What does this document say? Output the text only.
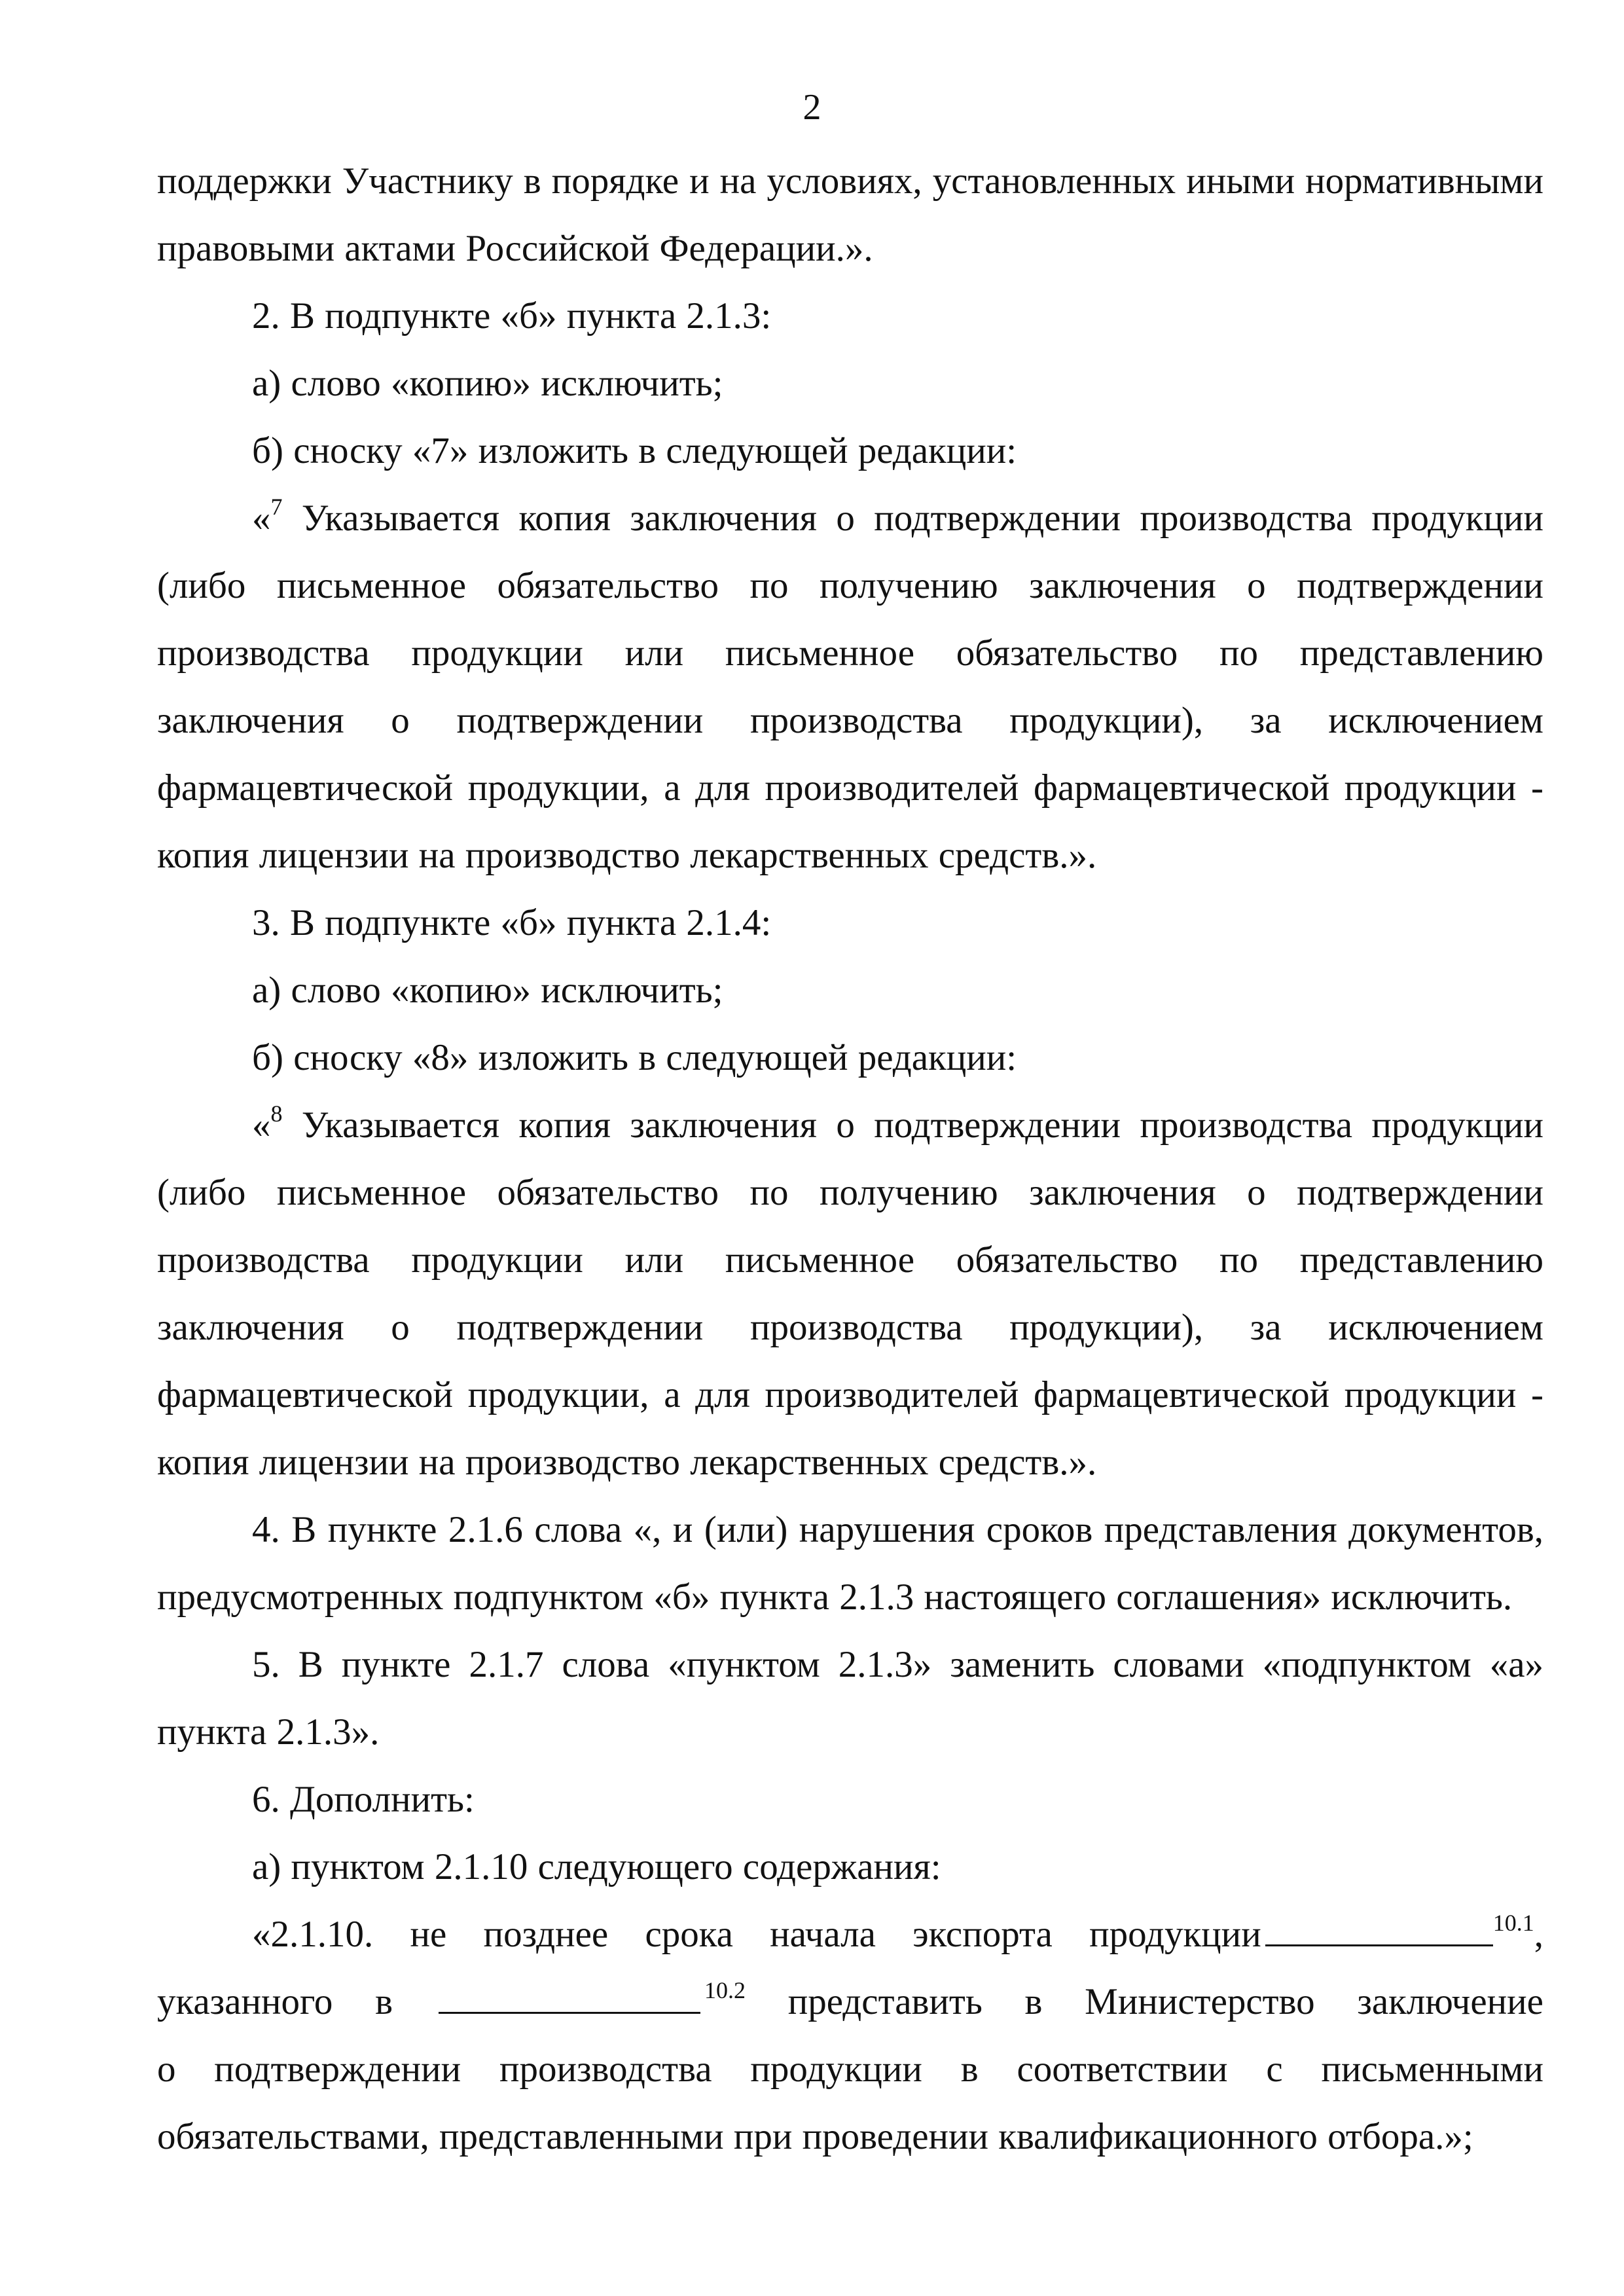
2

поддержки Участнику в порядке и на условиях, установленных иными нормативными правовыми актами Российской Федерации.».

2. В подпункте «б» пункта 2.1.3:

а) слово «копию» исключить;

б) сноску «7» изложить в следующей редакции:

«$^7$ Указывается копия заключения о подтверждении производства продукции (либо письменное обязательство по получению заключения о подтверждении производства продукции или письменное обязательство по представлению заключения о подтверждении производства продукции), за исключением фармацевтической продукции, а для производителей фармацевтической продукции - копия лицензии на производство лекарственных средств.».

3. В подпункте «б» пункта 2.1.4:

а) слово «копию» исключить;

б) сноску «8» изложить в следующей редакции:

«$^8$ Указывается копия заключения о подтверждении производства продукции (либо письменное обязательство по получению заключения о подтверждении производства продукции или письменное обязательство по представлению заключения о подтверждении производства продукции), за исключением фармацевтической продукции, а для производителей фармацевтической продукции - копия лицензии на производство лекарственных средств.».

4. В пункте 2.1.6 слова «, и (или) нарушения сроков представления документов, предусмотренных подпунктом «б» пункта 2.1.3 настоящего соглашения» исключить.

5. В пункте 2.1.7 слова «пунктом 2.1.3» заменить словами «подпунктом «а» пункта 2.1.3».

6. Дополнить:

а) пунктом 2.1.10 следующего содержания:

«2.1.10. не позднее срока начала экспорта продукции	$^{10.1}$,
указанного в	$^{10.2}$ представить в Министерство заключение

о подтверждении производства продукции в соответствии с письменными обязательствами, представленными при проведении квалификационного отбора.»;
